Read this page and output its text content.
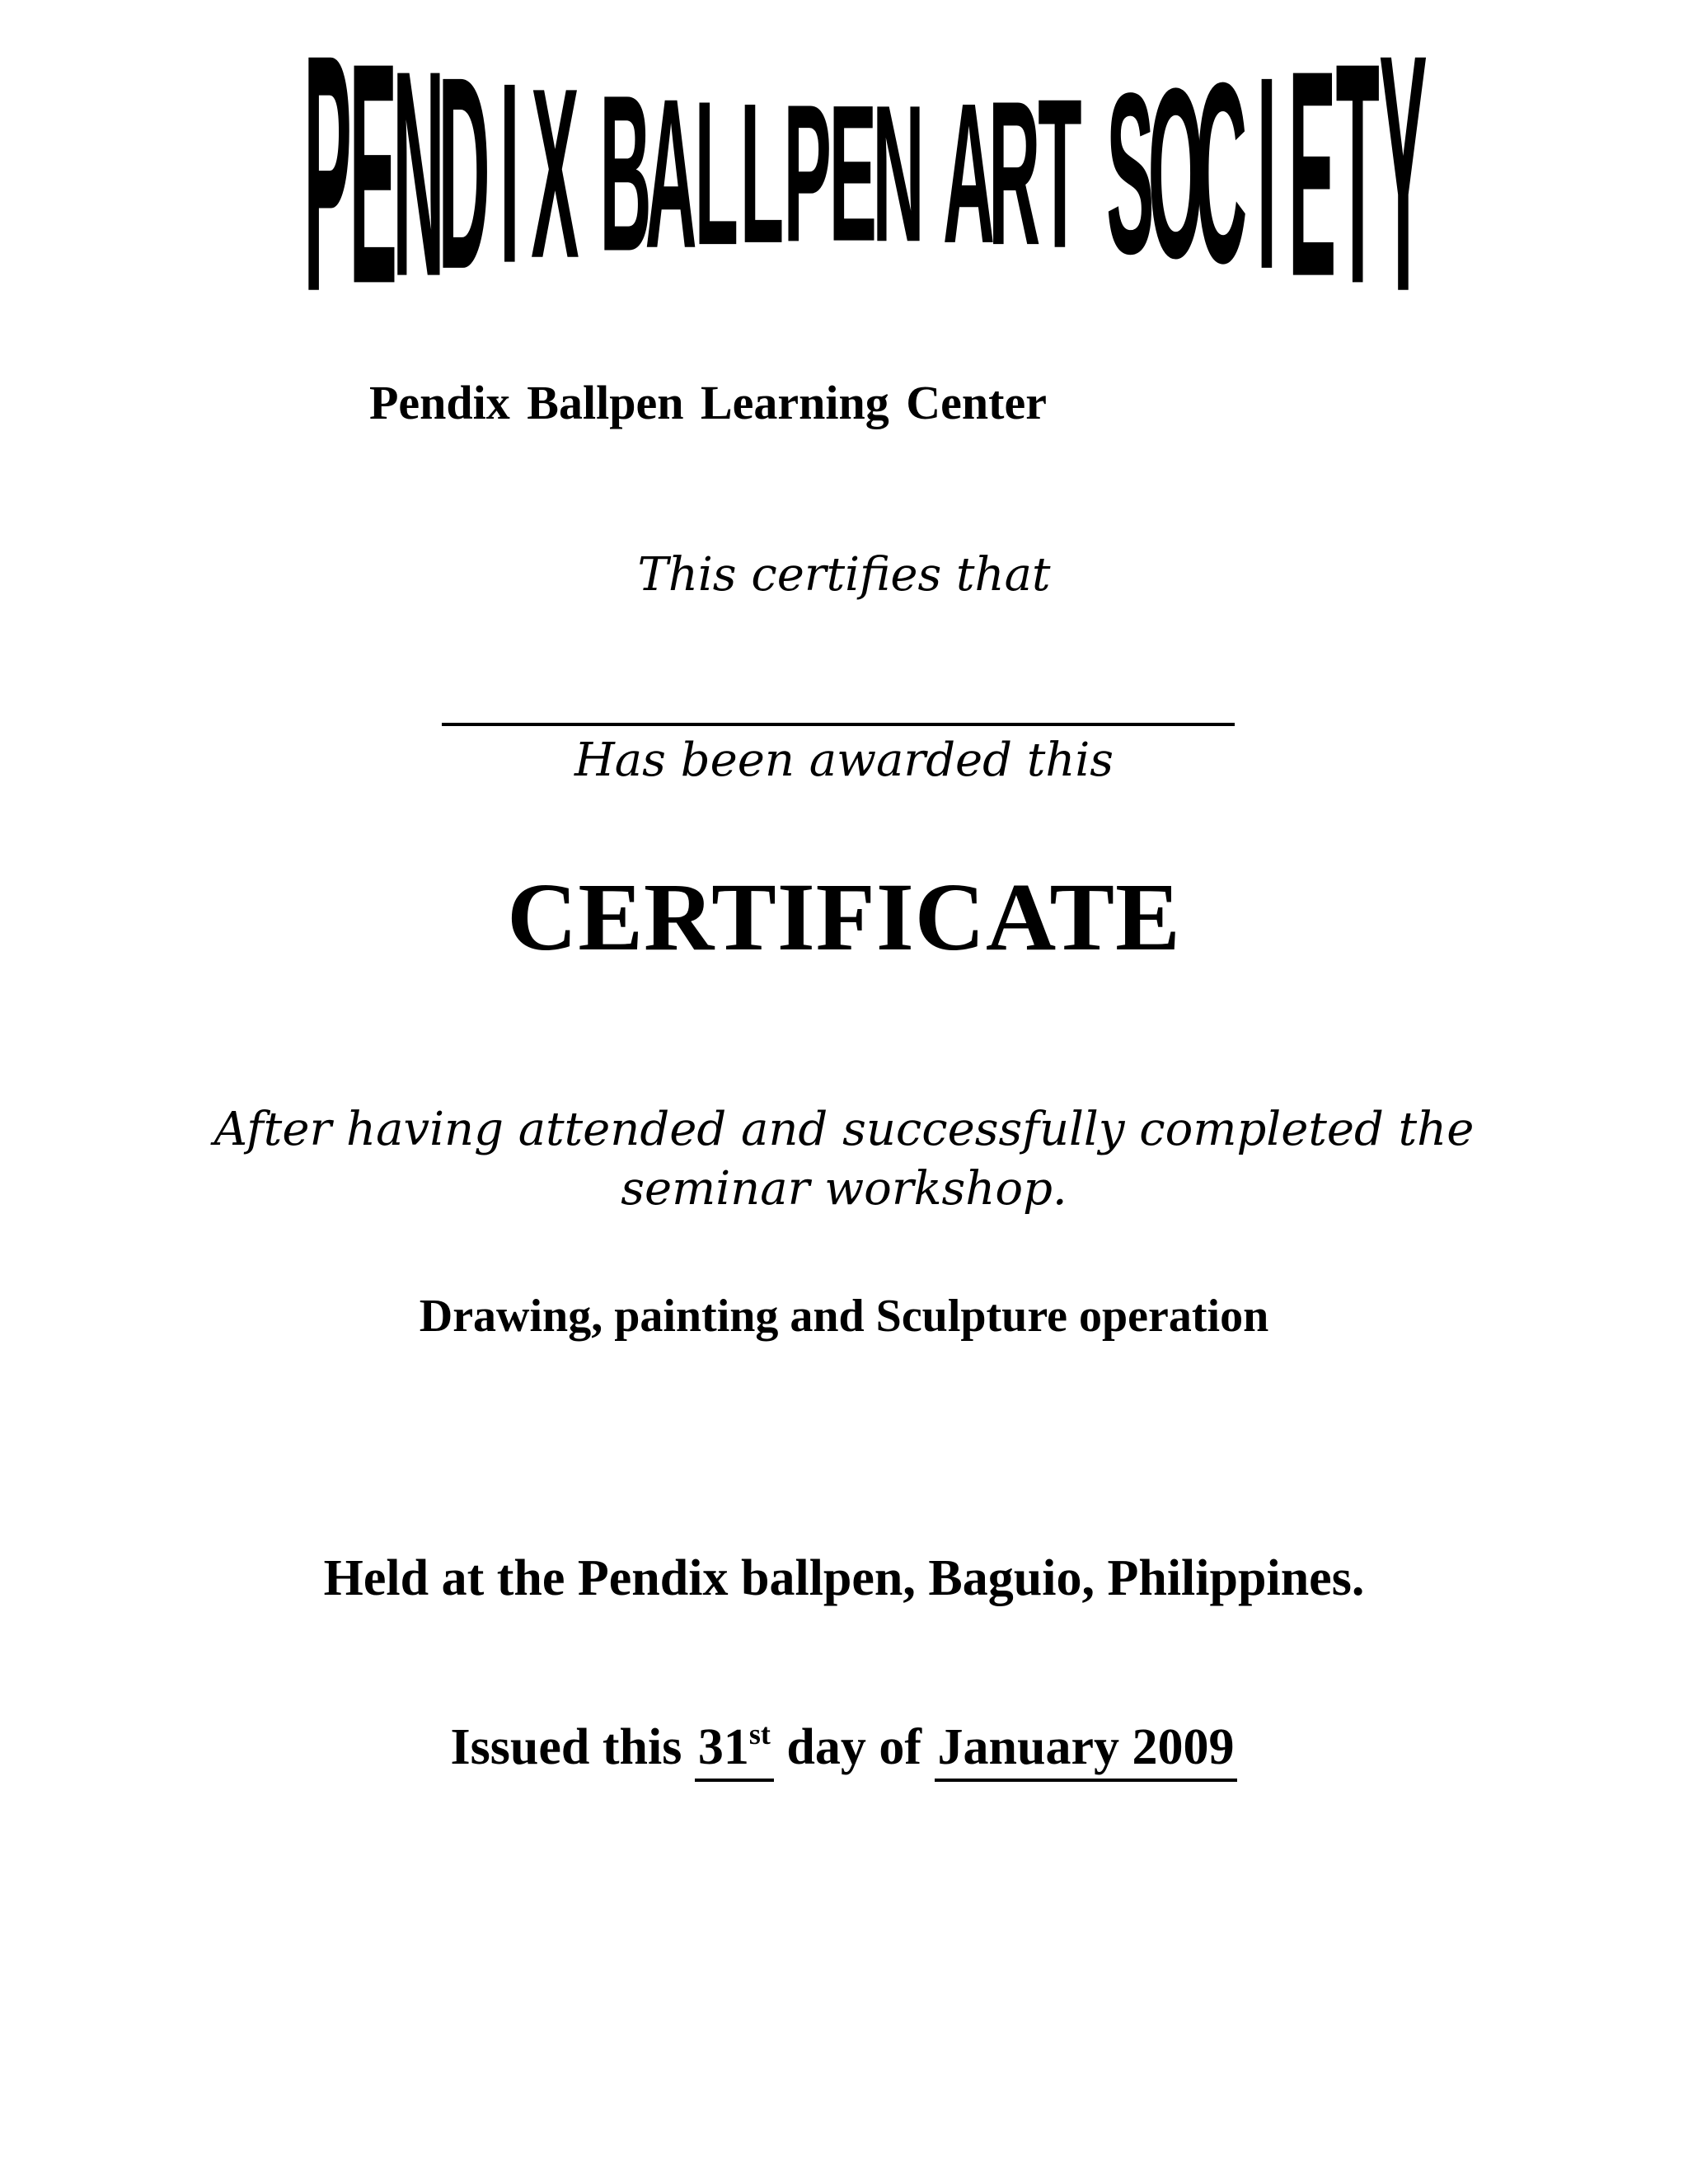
P
E
N
D I X B
A
L L P
E
N A
R
T S
O
C I E T Y
Pendix Ballpen Learning Center
This certifies that
Has been awarded this
CERTIFICATE
After having attended and successfully completed the
seminar workshop.
Drawing, painting and Sculpture operation
Held at the Pendix ballpen, Baguio, Philippines.
Issued this 31st day of January 2009
